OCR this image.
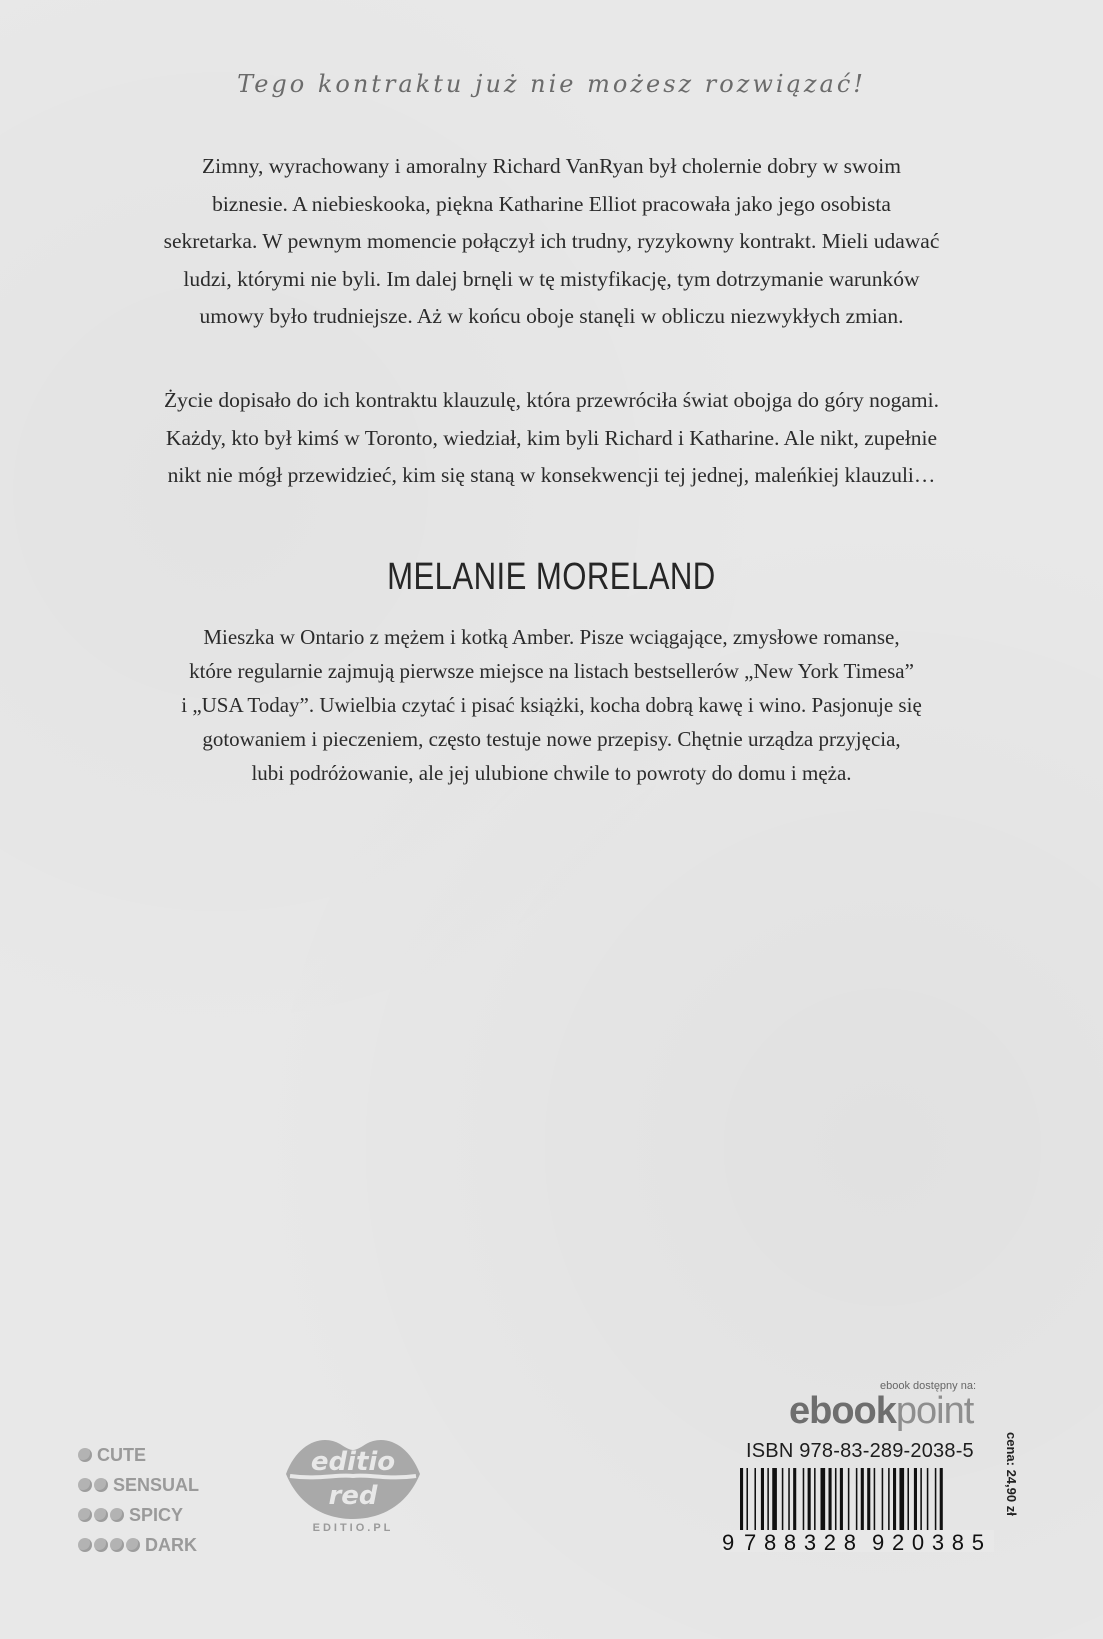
Tego kontraktu już nie możesz rozwiązać!

Zimny, wyrachowany i amoralny Richard VanRyan był cholernie dobry w swoim

biznesie. A niebieskooka, piękna Katharine Elliot pracowała jako jego osobista

sekretarka. W pewnym momencie połączył ich trudny, ryzykowny kontrakt. Mieli udawać

ludzi, którymi nie byli. Im dalej brnęli w tę mistyfikację, tym dotrzymanie warunków

umowy było trudniejsze. Aż w końcu oboje stanęli w obliczu niezwykłych zmian.

Życie dopisało do ich kontraktu klauzulę, która przewróciła świat obojga do góry nogami.

Każdy, kto był kimś w Toronto, wiedział, kim byli Richard i Katharine. Ale nikt, zupełnie

nikt nie mógł przewidzieć, kim się staną w konsekwencji tej jednej, maleńkiej klauzuli…

MELANIE MORELAND

Mieszka w Ontario z mężem i kotką Amber. Pisze wciągające, zmysłowe romanse,

które regularnie zajmują pierwsze miejsce na listach bestsellerów „New York Timesa”

i „USA Today”. Uwielbia czytać i pisać książki, kocha dobrą kawę i wino. Pasjonuje się

gotowaniem i pieczeniem, często testuje nowe przepisy. Chętnie urządza przyjęcia,

lubi podróżowanie, ale jej ulubione chwile to powroty do domu i męża.

CUTE
SENSUAL
SPICY
DARK
editio
red
EDITIO.PL
ebook dostępny na:
ebookpoint
ISBN 978-83-289-2038-5
9 788328 920385
cena: 24,90 zł
